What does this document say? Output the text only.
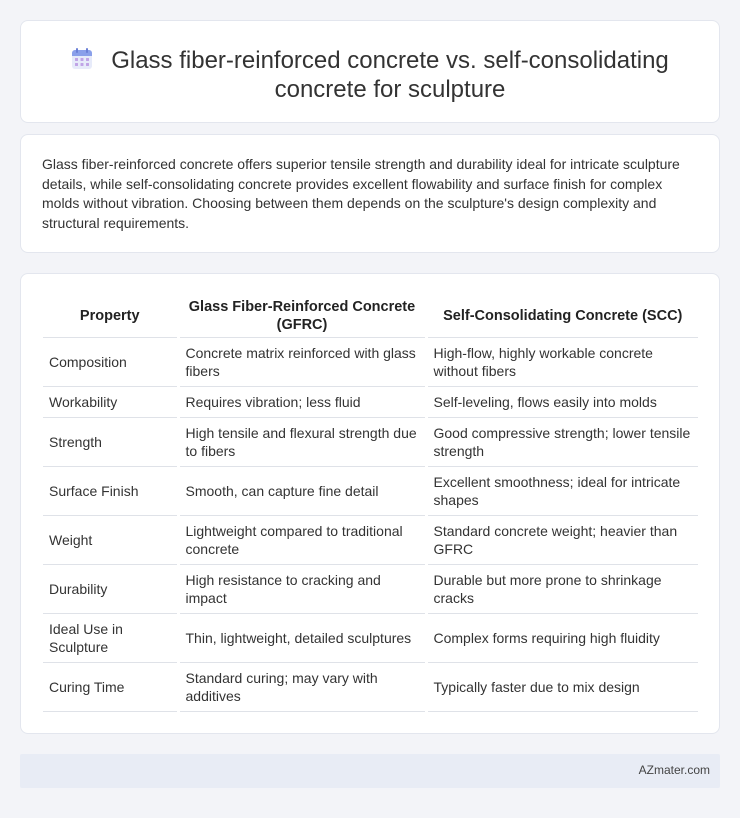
Glass fiber-reinforced concrete vs. self-consolidating concrete for sculpture

Glass fiber-reinforced concrete offers superior tensile strength and durability ideal for intricate sculpture details, while self-consolidating concrete provides excellent flowability and surface finish for complex molds without vibration. Choosing between them depends on the sculpture's design complexity and structural requirements.

Property	Glass Fiber-Reinforced Concrete (GFRC)	Self-Consolidating Concrete (SCC)
Composition	Concrete matrix reinforced with glass fibers	High-flow, highly workable concrete without fibers
Workability	Requires vibration; less fluid	Self-leveling, flows easily into molds
Strength	High tensile and flexural strength due to fibers	Good compressive strength; lower tensile strength
Surface Finish	Smooth, can capture fine detail	Excellent smoothness; ideal for intricate shapes
Weight	Lightweight compared to traditional concrete	Standard concrete weight; heavier than GFRC
Durability	High resistance to cracking and impact	Durable but more prone to shrinkage cracks
Ideal Use in Sculpture	Thin, lightweight, detailed sculptures	Complex forms requiring high fluidity
Curing Time	Standard curing; may vary with additives	Typically faster due to mix design
AZmater.com
